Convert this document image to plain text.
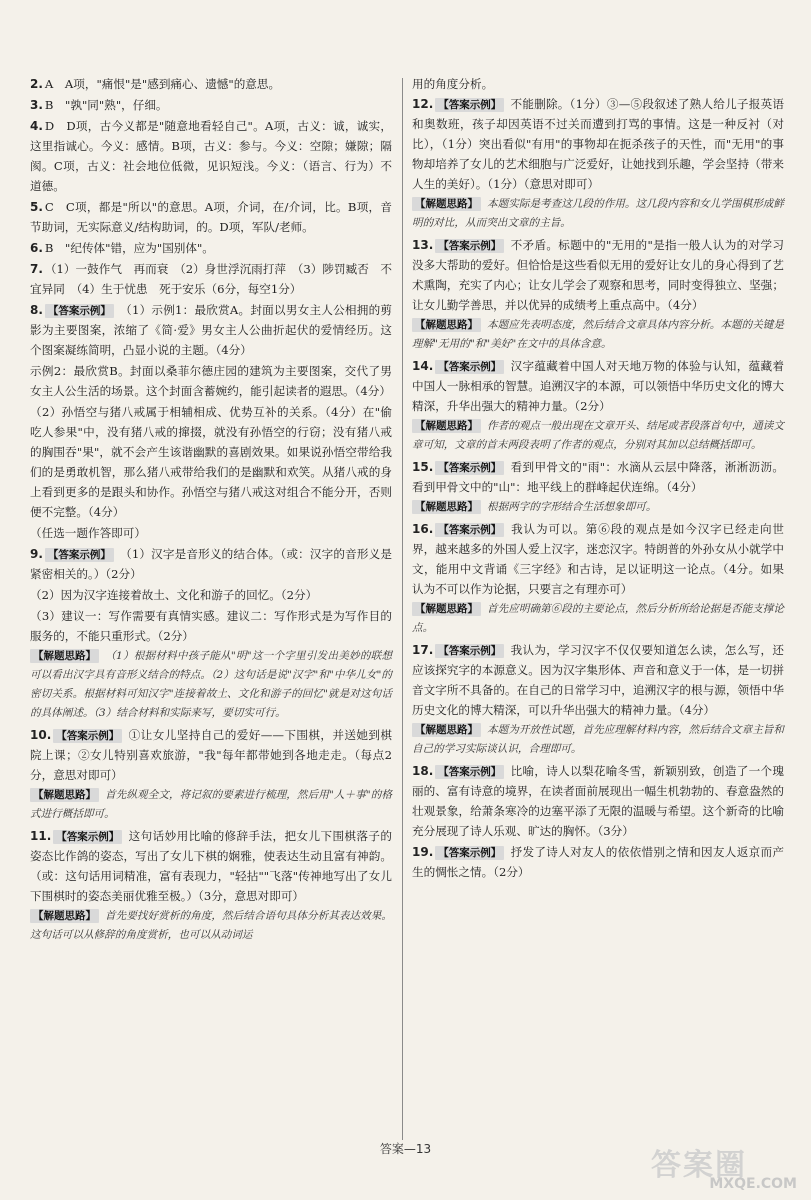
2. A　A项，"痛恨"是"感到痛心、遗憾"的意思。
3. B　"孰"同"熟"，仔细。
4. D　D项，古今义都是"随意地看轻自己"。A项，古义：诚，诚实，这里指诚心。今义：感情。B项，古义：参与。今义：空隙；嫌隙；隔阂。C项，古义：社会地位低微，见识短浅。今义：（语言、行为）不道德。
5. C　C项，都是"所以"的意思。A项，介词，在/介词，比。B项，音节助词，无实际意义/结构助词，的。D项，军队/老师。
6. B　"纪传体"错，应为"国别体"。
7. （1）一鼓作气　再而衰　（2）身世浮沉雨打萍　（3）陟罚臧否　不宜异同　（4）生于忧患　死于安乐（6分，每空1分）
8. 【答案示例】 （1）示例1：最欣赏A。封面以男女主人公相拥的剪影为主要图案，浓缩了《简·爱》男女主人公曲折起伏的爱情经历。这个图案凝练简明，凸显小说的主题。（4分）
示例2：最欣赏B。封面以桑菲尔德庄园的建筑为主要图案，交代了男女主人公生活的场景。这个封面含蓄婉约，能引起读者的遐思。（4分）
（2）孙悟空与猪八戒属于相辅相成、优势互补的关系。（4分）在"偷吃人参果"中，没有猪八戒的撺掇，就没有孙悟空的行窃；没有猪八戒的胸围吞"果"，就不会产生该谐幽默的喜剧效果。如果说孙悟空带给我们的是勇敢机智，那么猪八戒带给我们的是幽默和欢笑。从猪八戒的身上看到更多的是跟头和协作。孙悟空与猪八戒这对组合不能分开，否则便不完整。（4分）
（任选一题作答即可）
9. 【答案示例】 （1）汉字是音形义的结合体。（或：汉字的音形义是紧密相关的。）（2分）
（2）因为汉字连接着故土、文化和游子的回忆。（2分）
（3）建议一：写作需要有真情实感。建议二：写作形式是为写作目的服务的，不能只重形式。（2分）
【解题思路】 （1）根据材料中孩子能从"明"这一个字里引发出美妙的联想可以看出汉字具有音形义结合的特点。（2）这句话是说"汉字"和"中华儿女"的密切关系。根据材料可知汉字"连接着故土、文化和游子的回忆"就是对这句话的具体阐述。（3）结合材料和实际来写，要切实可行。
10. 【答案示例】 ①让女儿坚持自己的爱好——下围棋，并送她到棋院上课；②女儿特别喜欢旅游，"我"每年都带她到各地走走。（每点2分，意思对即可）
【解题思路】 首先纵观全文，将记叙的要素进行梳理，然后用"人＋事"的格式进行概括即可。
11. 【答案示例】 这句话妙用比喻的修辞手法，把女儿下围棋落子的姿态比作鸽的姿态，写出了女儿下棋的娴雅，使表达生动且富有神韵。（或：这句话用词精准，富有表现力，"轻拈""飞落"传神地写出了女儿下围棋时的姿态美丽优雅至极。）（3分，意思对即可）
【解题思路】 首先要找好赏析的角度，然后结合语句具体分析其表达效果。这句话可以从修辞的角度赏析，也可以从动词运

用的角度分析。

12. 【答案示例】 不能删除。（1分）③—⑤段叙述了熟人给儿子报英语和奥数班，孩子却因英语不过关而遭到打骂的事情。这是一种反衬（对比），（1分）突出看似"有用"的事物却在扼杀孩子的天性，而"无用"的事物却培养了女儿的艺术细胞与广泛爱好，让她找到乐趣，学会坚持（带来人生的美好）。（1分）（意思对即可）
【解题思路】 本题实际是考查这几段的作用。这几段内容和女儿学围棋形成鲜明的对比，从而突出文章的主旨。
13. 【答案示例】 不矛盾。标题中的"无用的"是指一般人认为的对学习没多大帮助的爱好。但恰恰是这些看似无用的爱好让女儿的身心得到了艺术熏陶，充实了内心；让女儿学会了观察和思考，同时变得独立、坚强；让女儿勤学善思，并以优异的成绩考上重点高中。（4分）
【解题思路】 本题应先表明态度，然后结合文章具体内容分析。本题的关键是理解"无用的"和"美好"在文中的具体含意。
14. 【答案示例】 汉字蕴藏着中国人对天地万物的体验与认知，蕴藏着中国人一脉相承的智慧。追溯汉字的本源，可以领悟中华历史文化的博大精深，升华出强大的精神力量。（2分）
【解题思路】 作者的观点一般出现在文章开头、结尾或者段落首句中，通读文章可知，文章的首末两段表明了作者的观点，分别对其加以总结概括即可。
15. 【答案示例】 看到甲骨文的"雨"：水滴从云层中降落，淅淅沥沥。看到甲骨文中的"山"：地平线上的群峰起伏连绵。（4分）
【解题思路】 根据两字的字形结合生活想象即可。
16. 【答案示例】 我认为可以。第⑥段的观点是如今汉字已经走向世界，越来越多的外国人爱上汉字，迷恋汉字。特朗普的外孙女从小就学中文，能用中文背诵《三字经》和古诗，足以证明这一论点。（4分。如果认为不可以作为论据，只要言之有理亦可）
【解题思路】 首先应明确第⑥段的主要论点，然后分析所给论据是否能支撑论点。
17. 【答案示例】 我认为，学习汉字不仅仅要知道怎么读，怎么写，还应该探究字的本源意义。因为汉字集形体、声音和意义于一体，是一切拼音文字所不具备的。在自己的日常学习中，追溯汉字的根与源，领悟中华历史文化的博大精深，可以升华出强大的精神力量。（4分）
【解题思路】 本题为开放性试题，首先应理解材料内容，然后结合文章主旨和自己的学习实际谈认识，合理即可。
18. 【答案示例】 比喻，诗人以梨花喻冬雪，新颖别致，创造了一个瑰丽的、富有诗意的境界，在读者面前展现出一幅生机勃勃的、春意盎然的壮观景象，给萧条寒冷的边塞平添了无限的温暖与希望。这个新奇的比喻充分展现了诗人乐观、旷达的胸怀。（3分）
19. 【答案示例】 抒发了诗人对友人的依依惜别之情和因友人返京而产生的惆怅之情。（2分）
答案—13	答案圈
MXQE.COM
